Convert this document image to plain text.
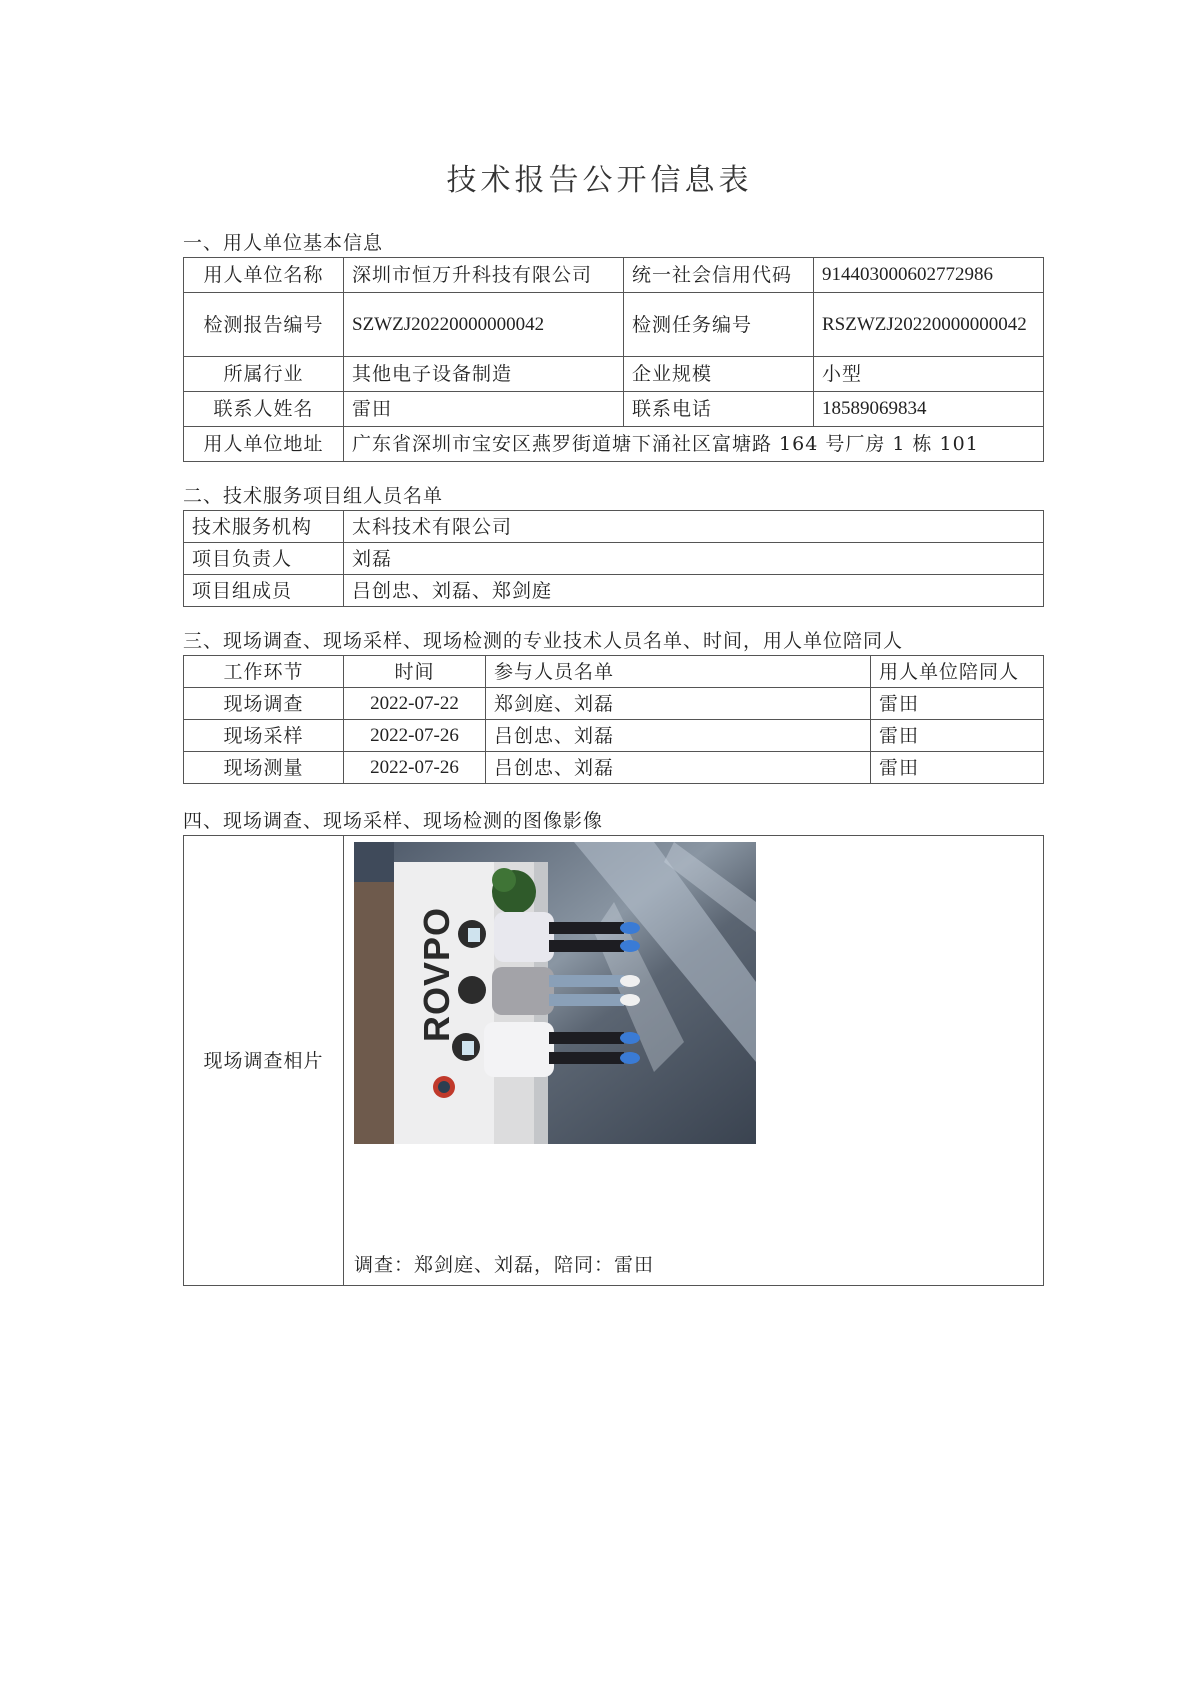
技术报告公开信息表
一、用人单位基本信息
用人单位名称	深圳市恒万升科技有限公司	统一社会信用代码	914403000602772986
检测报告编号	SZWZJ20220000000042	检测任务编号	RSZWZJ20220000000042
所属行业	其他电子设备制造	企业规模	小型
联系人姓名	雷田	联系电话	18589069834
用人单位地址	广东省深圳市宝安区燕罗街道塘下涌社区富塘路 164 号厂房 1 栋 101		
二、技术服务项目组人员名单
技术服务机构	太科技术有限公司
项目负责人	刘磊
项目组成员	吕创忠、刘磊、郑剑庭
三、现场调查、现场采样、现场检测的专业技术人员名单、时间，用人单位陪同人
工作环节	时间	参与人员名单	用人单位陪同人
现场调查	2022-07-22	郑剑庭、刘磊	雷田
现场采样	2022-07-26	吕创忠、刘磊	雷田
现场测量	2022-07-26	吕创忠、刘磊	雷田
四、现场调查、现场采样、现场检测的图像影像
现场调查相片	
ROVPO
调查：郑剑庭、刘磊，陪同：雷田
